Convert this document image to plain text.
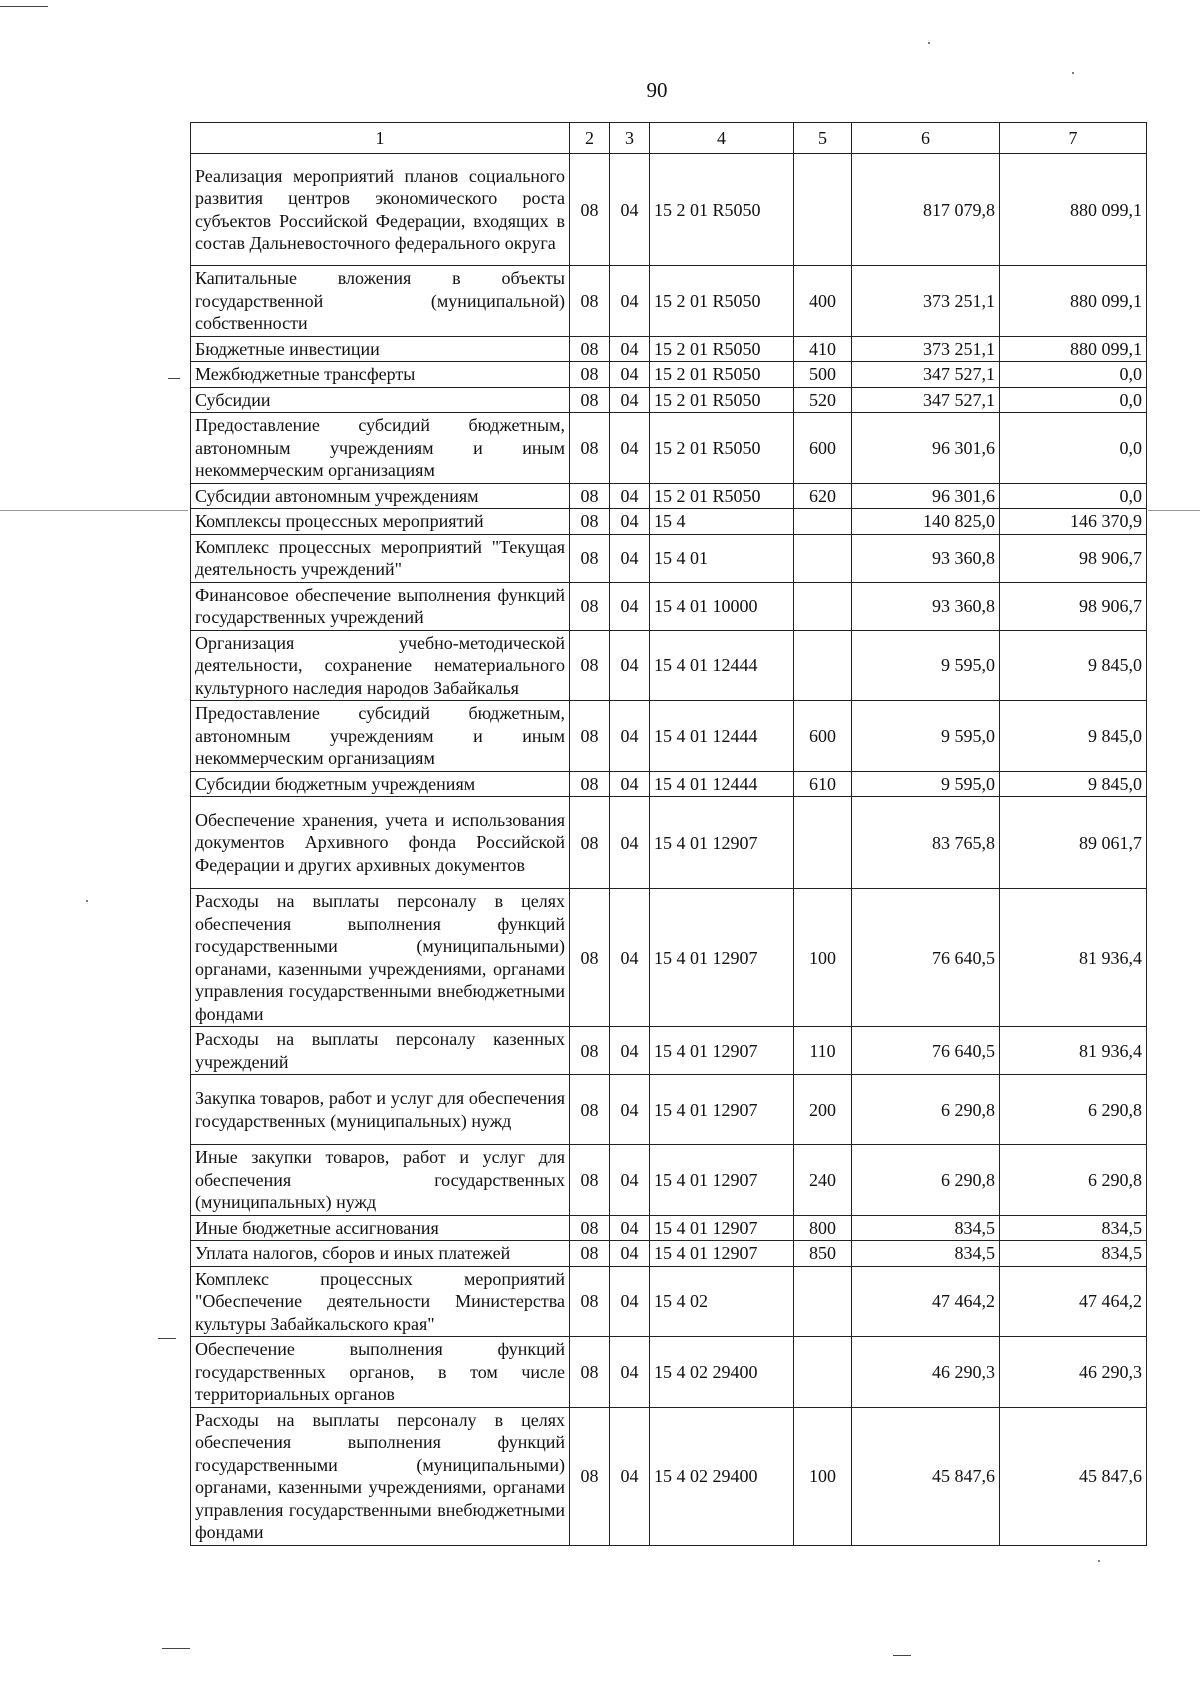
90
1	2	3	4	5	6	7
Реализация мероприятий планов социального развития центров экономического роста субъектов Российской Федерации, входящих в состав Дальневосточного федерального округа	08	04	15 2 01 R5050		817 079,8	880 099,1
Капитальные вложения в объекты государственной (муниципальной) собственности	08	04	15 2 01 R5050	400	373 251,1	880 099,1
Бюджетные инвестиции	08	04	15 2 01 R5050	410	373 251,1	880 099,1
Межбюджетные трансферты	08	04	15 2 01 R5050	500	347 527,1	0,0
Субсидии	08	04	15 2 01 R5050	520	347 527,1	0,0
Предоставление субсидий бюджетным, автономным учреждениям и иным некоммерческим организациям	08	04	15 2 01 R5050	600	96 301,6	0,0
Субсидии автономным учреждениям	08	04	15 2 01 R5050	620	96 301,6	0,0
Комплексы процессных мероприятий	08	04	15 4		140 825,0	146 370,9
Комплекс процессных мероприятий "Текущая деятельность учреждений"	08	04	15 4 01		93 360,8	98 906,7
Финансовое обеспечение выполнения функций государственных учреждений	08	04	15 4 01 10000		93 360,8	98 906,7
Организация учебно-методической деятельности, сохранение нематериального культурного наследия народов Забайкалья	08	04	15 4 01 12444		9 595,0	9 845,0
Предоставление субсидий бюджетным, автономным учреждениям и иным некоммерческим организациям	08	04	15 4 01 12444	600	9 595,0	9 845,0
Субсидии бюджетным учреждениям	08	04	15 4 01 12444	610	9 595,0	9 845,0
Обеспечение хранения, учета и использования документов Архивного фонда Российской Федерации и других архивных документов	08	04	15 4 01 12907		83 765,8	89 061,7
Расходы на выплаты персоналу в целях обеспечения выполнения функций государственными (муниципальными) органами, казенными учреждениями, органами управления государственными внебюджетными фондами	08	04	15 4 01 12907	100	76 640,5	81 936,4
Расходы на выплаты персоналу казенных учреждений	08	04	15 4 01 12907	110	76 640,5	81 936,4
Закупка товаров, работ и услуг для обеспечения государственных (муниципальных) нужд	08	04	15 4 01 12907	200	6 290,8	6 290,8
Иные закупки товаров, работ и услуг для обеспечения государственных (муниципальных) нужд	08	04	15 4 01 12907	240	6 290,8	6 290,8
Иные бюджетные ассигнования	08	04	15 4 01 12907	800	834,5	834,5
Уплата налогов, сборов и иных платежей	08	04	15 4 01 12907	850	834,5	834,5
Комплекс процессных мероприятий "Обеспечение деятельности Министерства культуры Забайкальского края"	08	04	15 4 02		47 464,2	47 464,2
Обеспечение выполнения функций государственных органов, в том числе территориальных органов	08	04	15 4 02 29400		46 290,3	46 290,3
Расходы на выплаты персоналу в целях обеспечения выполнения функций государственными (муниципальными) органами, казенными учреждениями, органами управления государственными внебюджетными фондами	08	04	15 4 02 29400	100	45 847,6	45 847,6
